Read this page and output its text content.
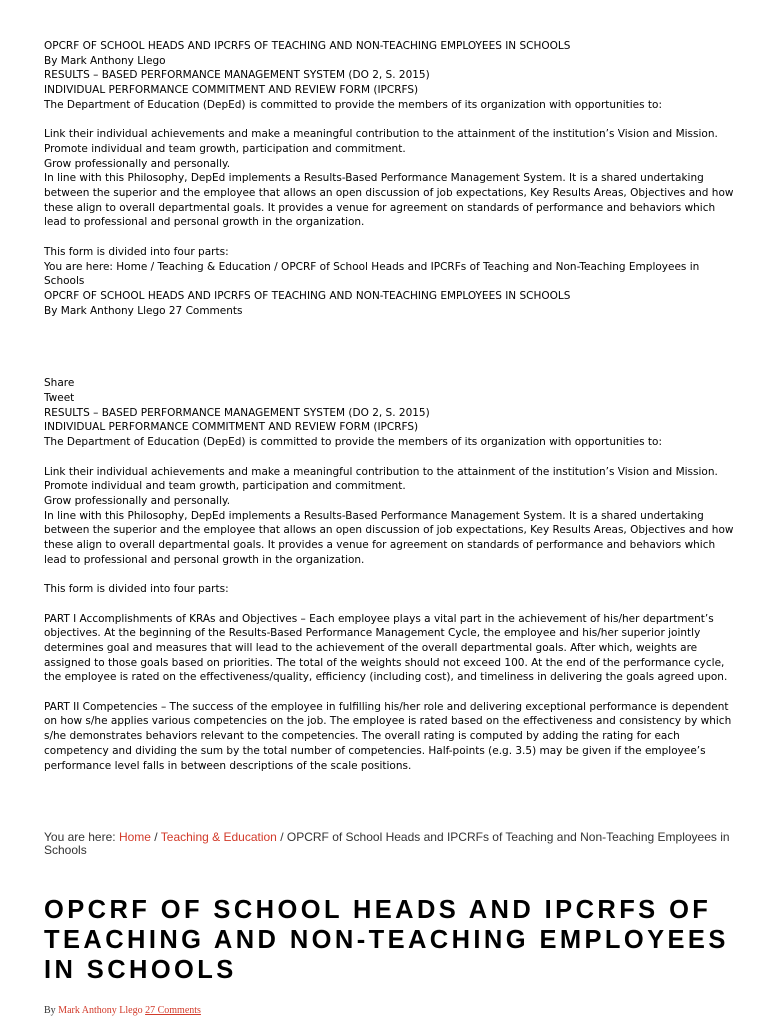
OPCRF OF SCHOOL HEADS AND IPCRFS OF TEACHING AND NON-TEACHING EMPLOYEES IN SCHOOLS

By Mark Anthony Llego

RESULTS – BASED PERFORMANCE MANAGEMENT SYSTEM (DO 2, S. 2015)

INDIVIDUAL PERFORMANCE COMMITMENT AND REVIEW FORM (IPCRFS)

The Department of Education (DepEd) is committed to provide the members of its organization with opportunities to:

Link their individual achievements and make a meaningful contribution to the attainment of the institution’s Vision and Mission.

Promote individual and team growth, participation and commitment.

Grow professionally and personally.

In line with this Philosophy, DepEd implements a Results-Based Performance Management System. It is a shared undertaking between the superior and the employee that allows an open discussion of job expectations, Key Results Areas, Objectives and how these align to overall departmental goals. It provides a venue for agreement on standards of performance and behaviors which lead to professional and personal growth in the organization.

This form is divided into four parts:

You are here: Home / Teaching & Education / OPCRF of School Heads and IPCRFs of Teaching and Non-Teaching Employees in Schools

OPCRF OF SCHOOL HEADS AND IPCRFS OF TEACHING AND NON-TEACHING EMPLOYEES IN SCHOOLS

By Mark Anthony Llego 27 Comments

Share

Tweet

RESULTS – BASED PERFORMANCE MANAGEMENT SYSTEM (DO 2, S. 2015)

INDIVIDUAL PERFORMANCE COMMITMENT AND REVIEW FORM (IPCRFS)

The Department of Education (DepEd) is committed to provide the members of its organization with opportunities to:

Link their individual achievements and make a meaningful contribution to the attainment of the institution’s Vision and Mission.

Promote individual and team growth, participation and commitment.

Grow professionally and personally.

In line with this Philosophy, DepEd implements a Results-Based Performance Management System. It is a shared undertaking between the superior and the employee that allows an open discussion of job expectations, Key Results Areas, Objectives and how these align to overall departmental goals. It provides a venue for agreement on standards of performance and behaviors which lead to professional and personal growth in the organization.

This form is divided into four parts:

PART I Accomplishments of KRAs and Objectives – Each employee plays a vital part in the achievement of his/her department’s objectives. At the beginning of the Results-Based Performance Management Cycle, the employee and his/her superior jointly determines goal and measures that will lead to the achievement of the overall departmental goals. After which, weights are assigned to those goals based on priorities. The total of the weights should not exceed 100. At the end of the performance cycle, the employee is rated on the effectiveness/quality, efficiency (including cost), and timeliness in delivering the goals agreed upon.

PART II Competencies – The success of the employee in fulfilling his/her role and delivering exceptional performance is dependent on how s/he applies various competencies on the job. The employee is rated based on the effectiveness and consistency by which s/he demonstrates behaviors relevant to the competencies. The overall rating is computed by adding the rating for each competency and dividing the sum by the total number of competencies. Half-points (e.g. 3.5) may be given if the employee’s performance level falls in between descriptions of the scale positions.

You are here: Home / Teaching & Education / OPCRF of School Heads and IPCRFs of Teaching and Non-Teaching Employees in Schools
OPCRF OF SCHOOL HEADS AND IPCRFS OF TEACHING AND NON-TEACHING EMPLOYEES IN SCHOOLS
By Mark Anthony Llego 27 Comments
